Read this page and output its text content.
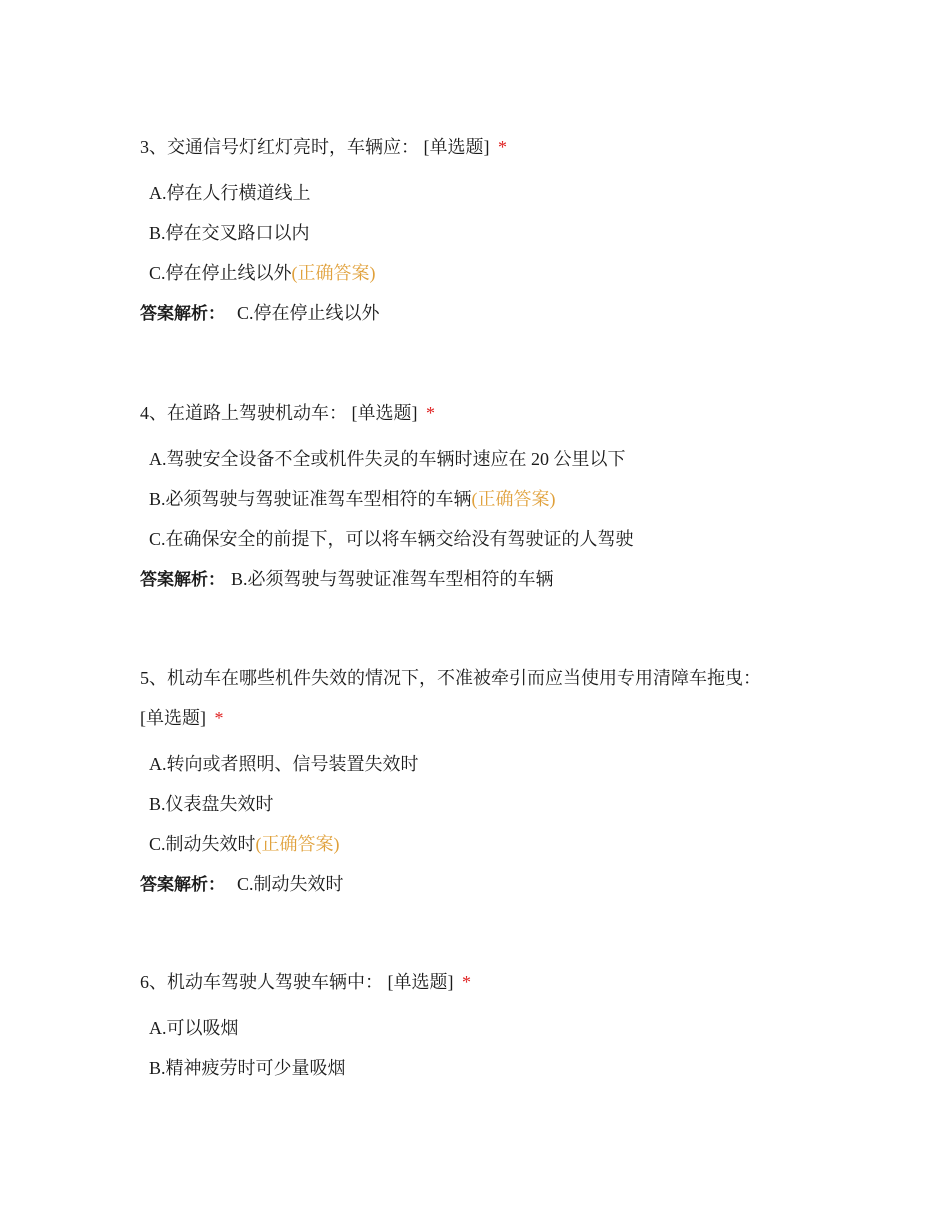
3、交通信号灯红灯亮时，车辆应： [单选题] *
A.停在人行横道线上
B.停在交叉路口以内
C.停在停止线以外(正确答案)
答案解析： C.停在停止线以外
4、在道路上驾驶机动车： [单选题] *
A.驾驶安全设备不全或机件失灵的车辆时速应在 20 公里以下
B.必须驾驶与驾驶证准驾车型相符的车辆(正确答案)
C.在确保安全的前提下，可以将车辆交给没有驾驶证的人驾驶
答案解析： B.必须驾驶与驾驶证准驾车型相符的车辆
5、机动车在哪些机件失效的情况下，不准被牵引而应当使用专用清障车拖曳：
[单选题] *
A.转向或者照明、信号装置失效时
B.仪表盘失效时
C.制动失效时(正确答案)
答案解析： C.制动失效时
6、机动车驾驶人驾驶车辆中： [单选题] *
A.可以吸烟
B.精神疲劳时可少量吸烟
